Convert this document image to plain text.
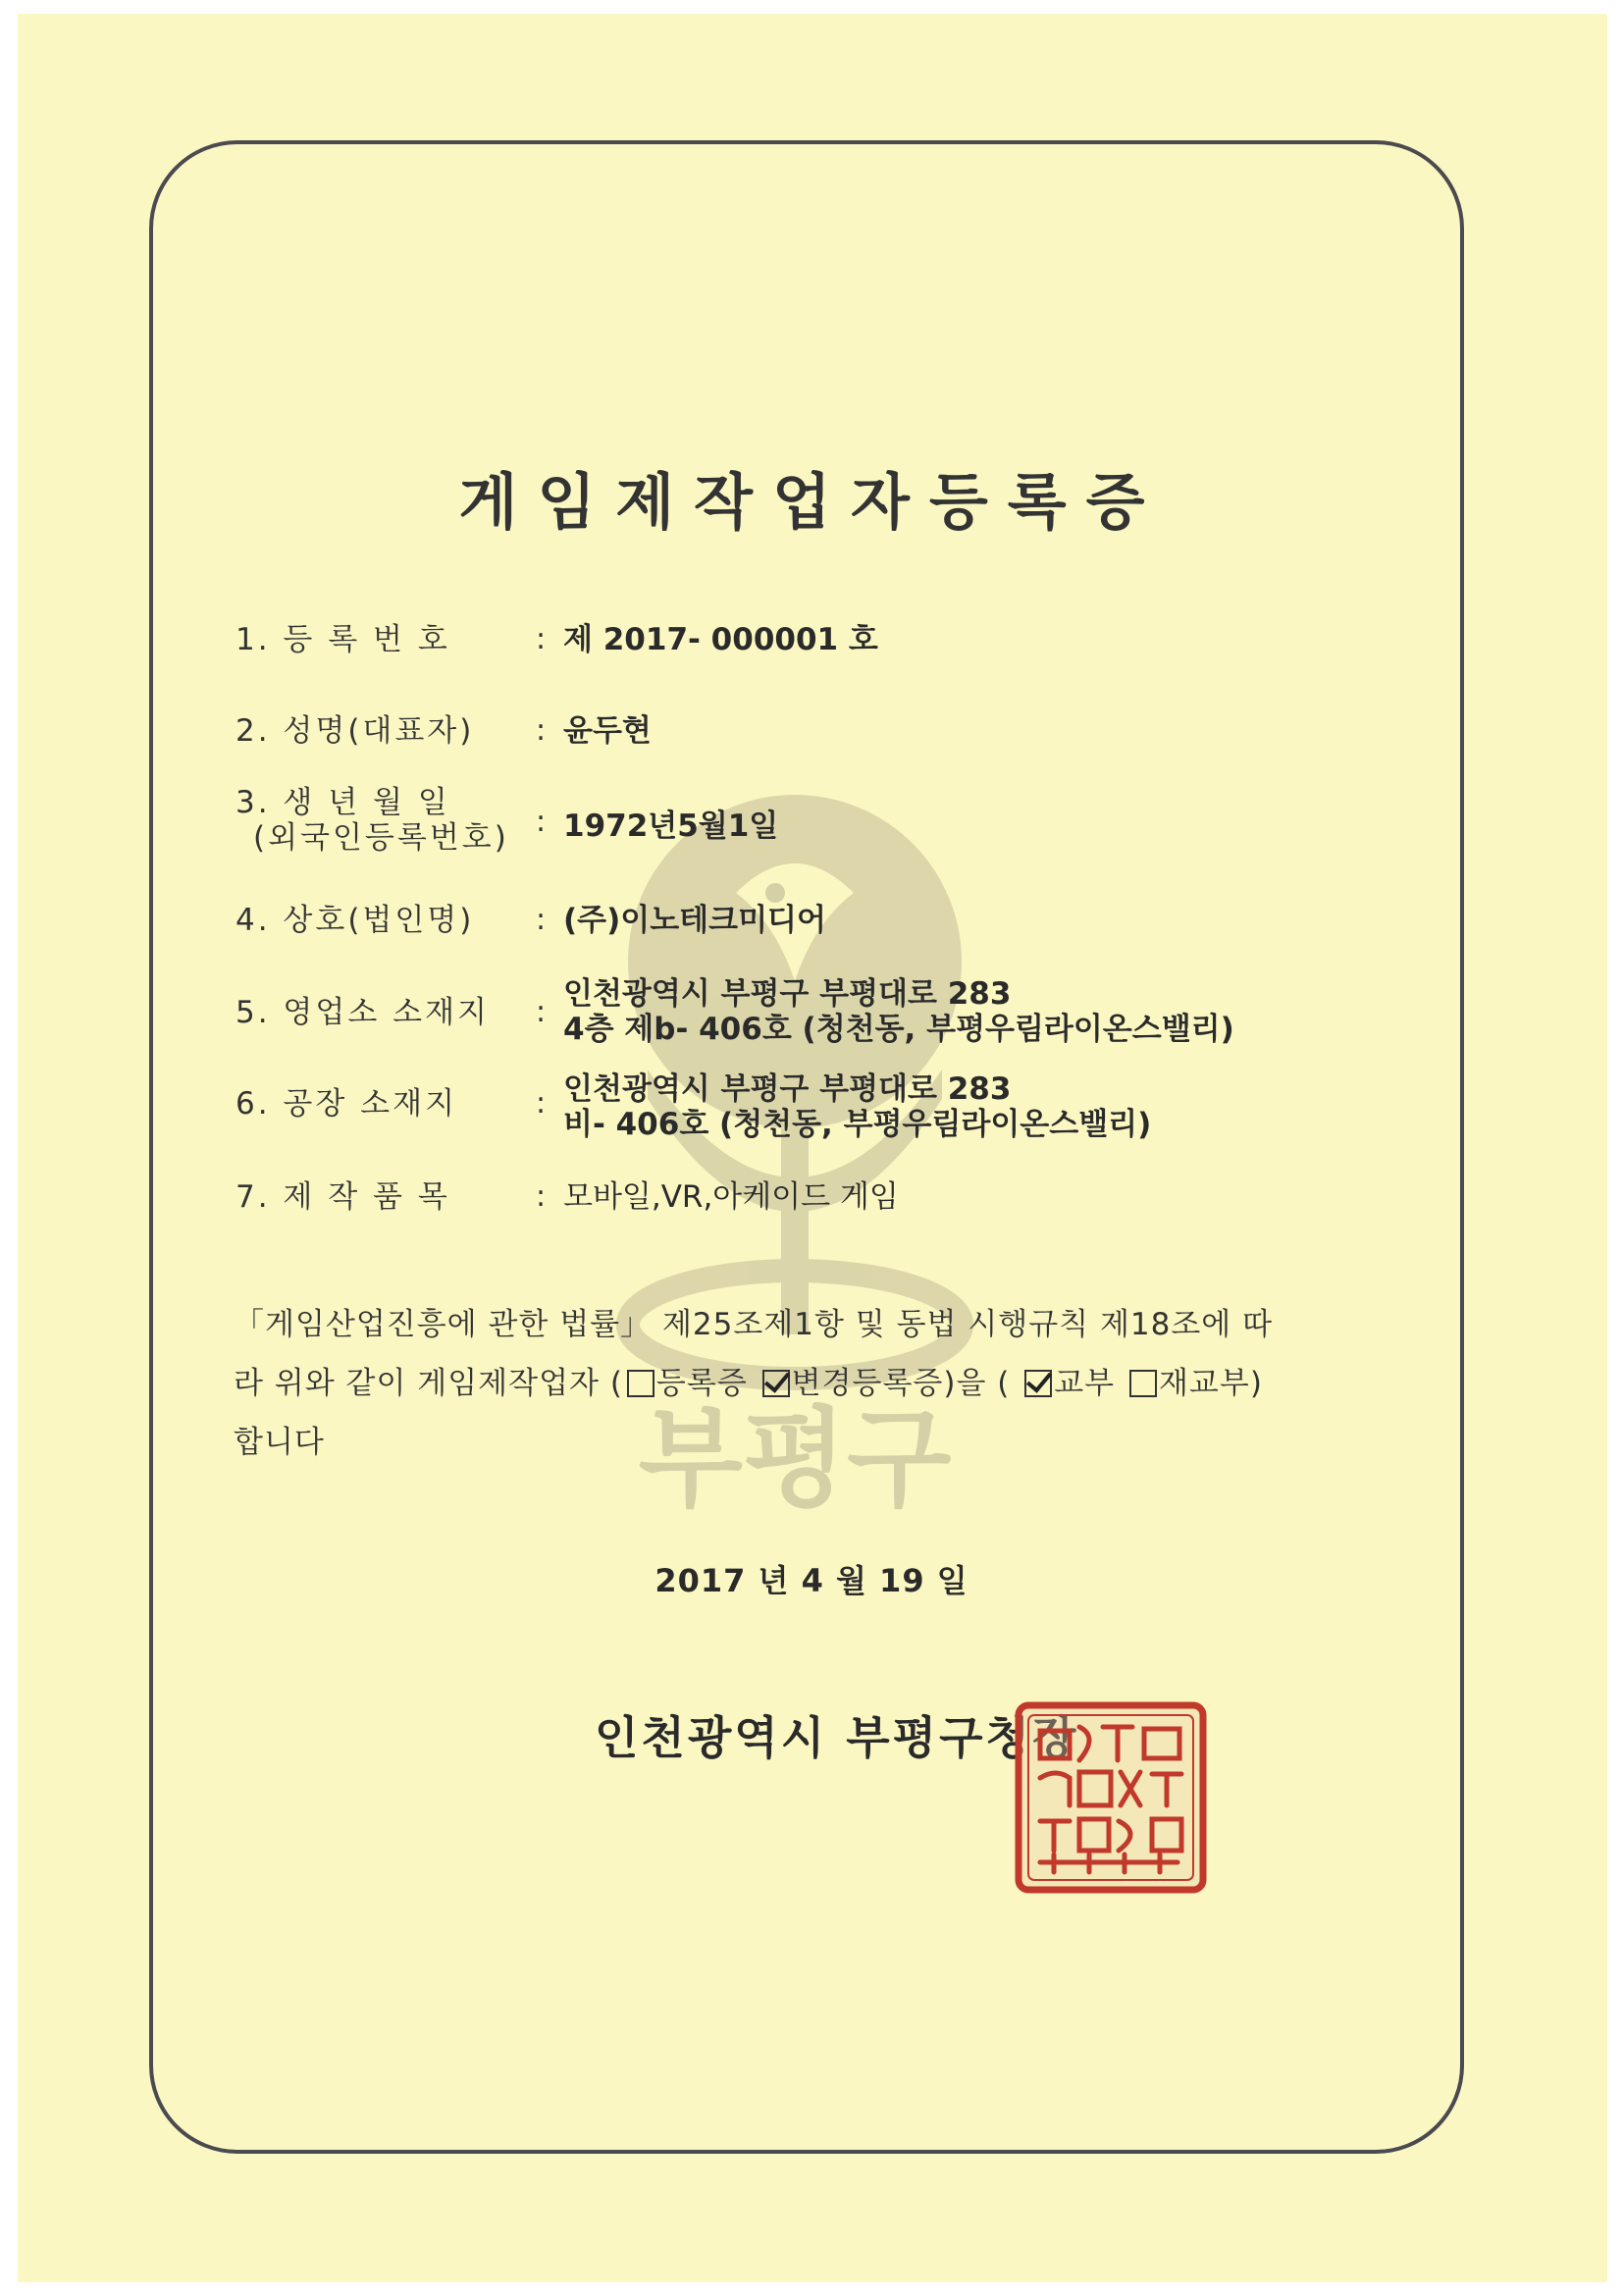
부평구
게임제작업자등록증
1. 등 록 번 호	: 제 2017- 000001 호
2. 성명(대표자) : 윤두현
3. 생 년 월 일
(외국인등록번호) : 1972년5월1일
4. 상호(법인명) : (주)이노테크미디어
5. 영업소 소재지 :
인천광역시 부평구 부평대로 283
4층 제b- 406호 (청천동, 부평우림라이온스밸리)
6. 공장 소재지	: 인천광역시 부평구 부평대로 283
비- 406호 (청천동, 부평우림라이온스밸리)
7. 제 작 품 목	: 모바일,VR,아케이드 게임

「게임산업진흥에 관한 법률」 제25조제1항 및 동법 시행규칙 제18조에 따

라 위와 같이 게임제작업자 ( 등록증 변경등록증)을 ( 교부 재교부)

합니다

2017 년 4 월 19 일
인천광역시 부평구청장
